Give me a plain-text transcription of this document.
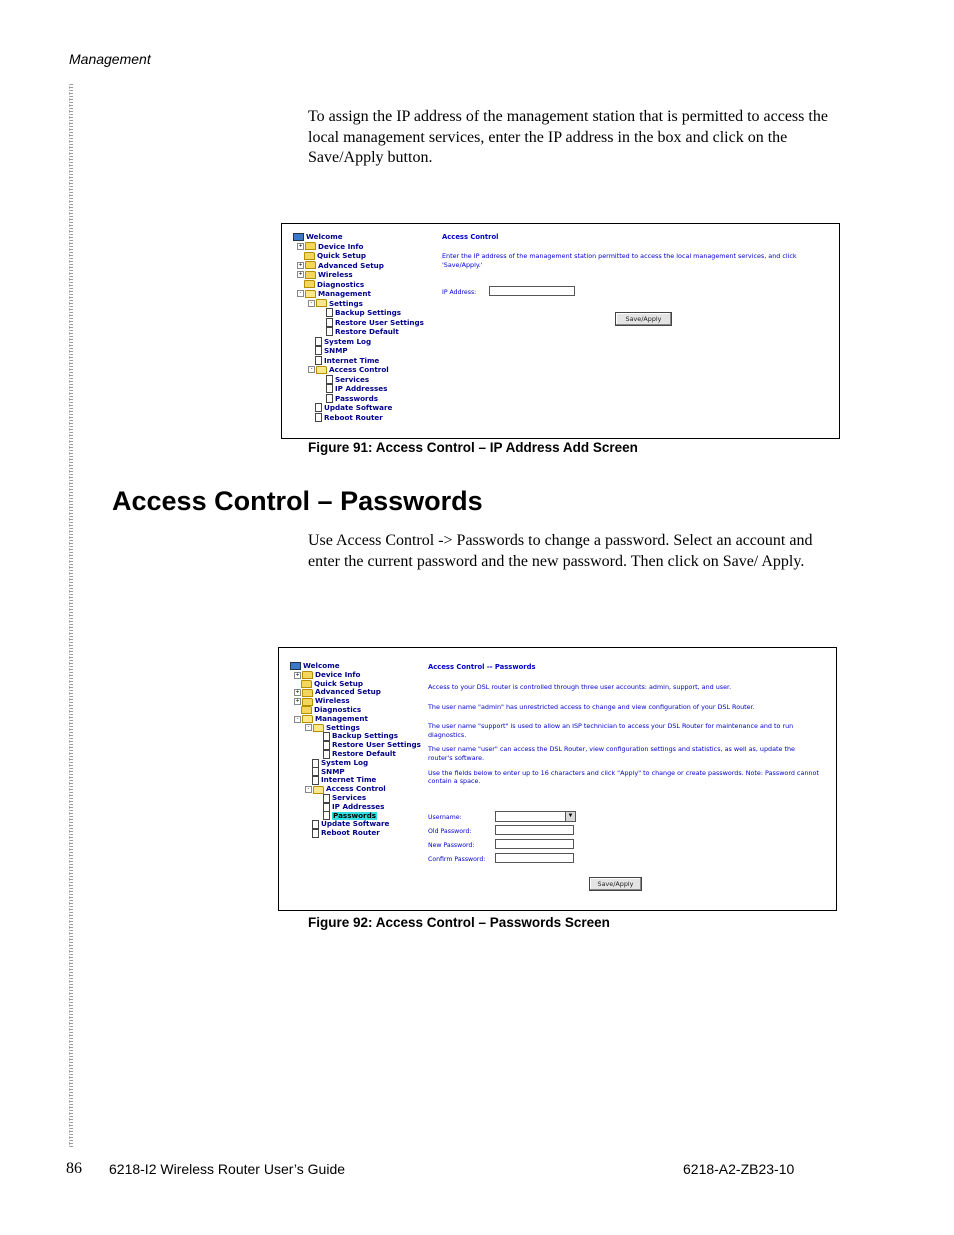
Management
To assign the IP address of the management station that is permitted to access the local management services, enter the IP address in the box and click on the Save/Apply button.
Welcome
+ Device Info
Quick Setup
+ Advanced Setup
+ Wireless
Diagnostics
-	Management
-	Settings
Backup Settings
Restore User Settings
Restore Default
System Log
SNMP
Internet Time
-	Access Control
Services
IP Addresses
Passwords
Update Software
Reboot Router
Access Control
Enter the IP address of the management station permitted to access the local management services, and click 'Save/Apply.'
IP Address:
Save/Apply
Figure 91: Access Control – IP Address Add Screen
Access Control – Passwords
Use Access Control -> Passwords to change a password. Select an account and enter the current password and the new password. Then click on Save/ Apply.
Welcome
+ Device Info
Quick Setup
+ Advanced Setup
+ Wireless
Diagnostics
-	Management
-	Settings
Backup Settings
Restore User Settings
Restore Default
System Log
SNMP
Internet Time
-	Access Control
Services
IP Addresses
Passwords
Update Software
Reboot Router
Access Control -- Passwords
Access to your DSL router is controlled through three user accounts: admin, support, and user.
The user name "admin" has unrestricted access to change and view configuration of your DSL Router.
The user name "support" is used to allow an ISP technician to access your DSL Router for maintenance and to run diagnostics.
The user name "user" can access the DSL Router, view configuration settings and statistics, as well as, update the router's software.
Use the fields below to enter up to 16 characters and click "Apply" to change or create passwords. Note: Password cannot contain a space.
Username:	▼
Old Password:
New Password:
Confirm Password:
Save/Apply
Figure 92: Access Control – Passwords Screen
86 6218-I2 Wireless Router User’s Guide	6218-A2-ZB23-10
